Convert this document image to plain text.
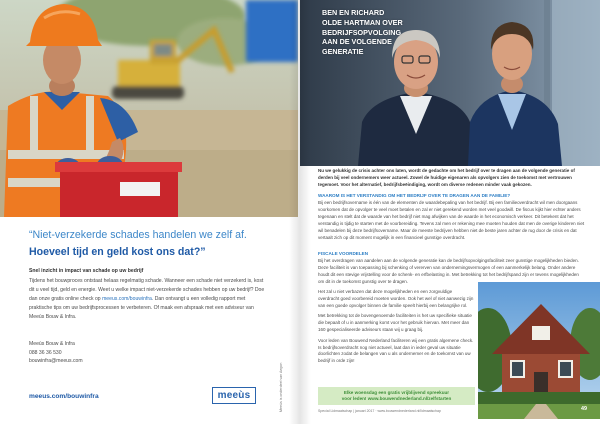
“Niet-verzekerde schades handelen we zelf af.
Hoeveel tijd en geld kost ons dat?”
Snel inzicht in impact van schade op uw bedrijf
Tijdens het bouwproces ontstaat helaas regelmatig schade. Wanneer een schade niet verzekerd is, kost dit u veel tijd, geld en energie. Weet u welke impact niet-verzekerde schades hebben op uw bedrijf? Doe dan onze gratis online check op meeus.com/bouwinfra. Dan ontvangt u een volledig rapport met praktische tips om uw bedrijfsprocessen te verbeteren. Of maak een afspraak met een adviseur van Meeùs Bouw & Infra.
Meeùs Bouw & Infra
088 36 36 530
bouwinfra@meeus.com
meeus.com/bouwinfra	meeùs	Meeùs is onderdeel van Aegon
BEN EN RICHARD
OLDE HARTMAN OVER
BEDRIJFSOPVOLGING
AAN DE VOLGENDE
GENERATIE
Nu we gelukkig de crisis achter ons laten, wordt de gedachte om het bedrijf over te dragen aan de volgende generatie of derden bij veel ondernemers weer actueel. Zowel de huidige eigenaren als opvolgers zien de toekomst met vertrouwen tegemoet. Voor het alternatief, bedrijfsbeëindiging, wordt om diverse redenen minder vaak gekozen.
WAAROM IS HET VERSTANDIG OM HET BEDRIJF OVER TE DRAGEN AAN DE FAMILIE?
Bij een bedrijfsovername is één van de elementen de waardebepaling van het bedrijf. Bij een familieoverdracht wil men doorgaans voorkomen dat de opvolger te veel moet betalen en zal er niet gerekend worden met veel goodwill. De fiscus kijkt hier echter anders tegenaan en stelt dat de waarde van het bedrijf niet mag afwijken van de waarde in het economisch verkeer. Dit betekent dat het verstandig is tijdig te starten met de voorbereiding. Tevens zal men er rekening mee moeten houden dat men de overige kinderen niet wil benadelen bij deze bedrijfsovername. Maar de meeste bedrijven hebben niet de beste jaren achter de rug door de crisis en dat vertaalt zich op dit moment mogelijk in een financieel gunstige overdracht.
FISCALE VOORDELEN
Bij het overdragen van aandelen aan de volgende generatie kan de bedrijfsopvolgingsfaciliteit zeer gunstige mogelijkheden bieden. Deze faciliteit is van toepassing bij schenking of vererven van ondernemingsvermogen of een aanmerkelijk belang. Onder andere houdt dit een stevige vrijstelling voor de schenk- en erfbelasting in. Met betrekking tot het bedrijfspand zijn er tevens mogelijkheden om dit in de toekomst gunstig over te dragen.

Het zal u niet verbazen dat deze mogelijkheden en een zorgvuldige overdracht goed voorbereid moeten worden. Ook het wel of niet aanwezig zijn van een goede opvolger binnen de familie speelt hierbij een belangrijke rol.

Met betrekking tot de bovengenoemde faciliteiten is het uw specifieke situatie die bepaalt of u in aanmerking komt voor het gebruik hiervan. Met meer dan 160 gespecialiseerde adviseurs staan wij u graag bij.

Voor leden van Bouwend Nederland faciliteren wij een gratis algemene check. Is bedrijfsoverdracht nog niet actueel, laat dan in ieder geval uw situatie doorlichten zodat de belangen van u als ondernemer en de toekomst van uw bedrijf in orde zijn!

Elke woensdag een gratis vrijblijvend spreekuur
voor leden! www.bouwendnederland.nl/zelfstarten
Special Lidmaatschap | januari 2017 · www.bouwendnederland.nl/lidmaatschap	49
